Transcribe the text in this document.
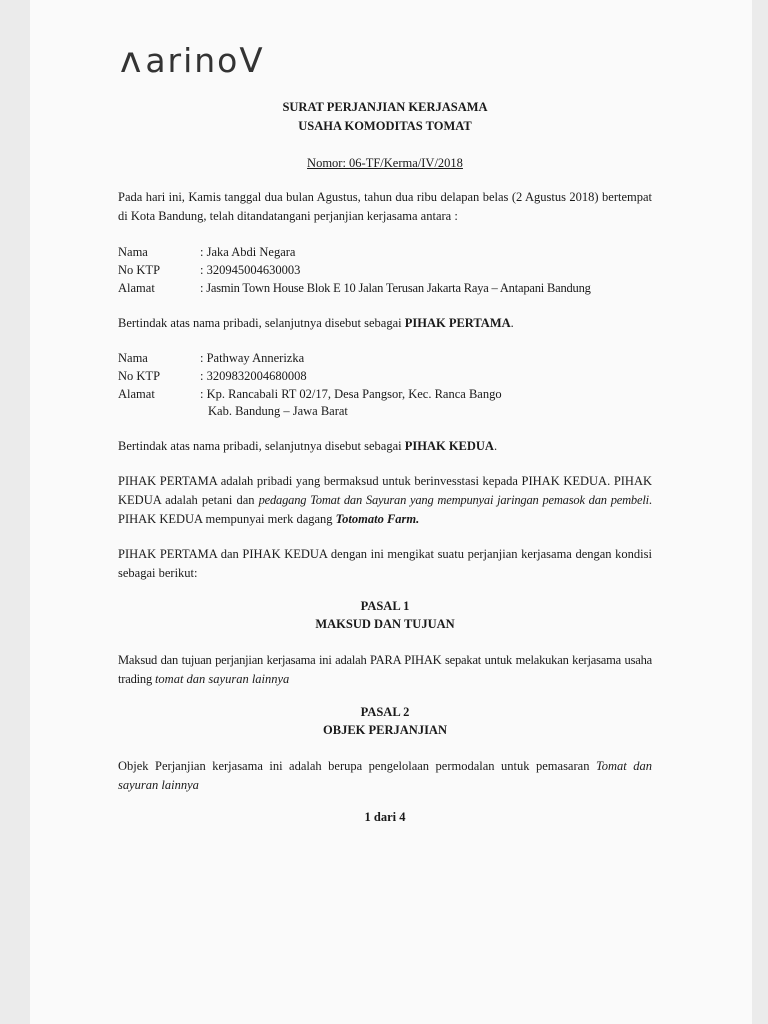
ʌ arino V
SURAT PERJANJIAN KERJASAMA
USAHA KOMODITAS TOMAT
Nomor: 06-TF/Kerma/IV/2018
Pada hari ini, Kamis tanggal dua bulan Agustus, tahun dua ribu delapan belas (2 Agustus 2018) bertempat di Kota Bandung, telah ditandatangani perjanjian kerjasama antara :
Nama	: Jaka Abdi Negara
No KTP	: 320945004630003
Alamat	: Jasmin Town House Blok E 10 Jalan Terusan Jakarta Raya – Antapani Bandung
Bertindak atas nama pribadi, selanjutnya disebut sebagai PIHAK PERTAMA.
Nama	: Pathway Annerizka
No KTP	: 3209832004680008
Alamat	: Kp. Rancabali RT 02/17, Desa Pangsor, Kec. Ranca Bango
Kab. Bandung – Jawa Barat
Bertindak atas nama pribadi, selanjutnya disebut sebagai PIHAK KEDUA.
PIHAK PERTAMA adalah pribadi yang bermaksud untuk berinvesstasi kepada PIHAK KEDUA. PIHAK KEDUA adalah petani dan pedagang Tomat dan Sayuran yang mempunyai jaringan pemasok dan pembeli. PIHAK KEDUA mempunyai merk dagang Totomato Farm.
PIHAK PERTAMA dan PIHAK KEDUA dengan ini mengikat suatu perjanjian kerjasama dengan kondisi sebagai berikut:
PASAL 1
MAKSUD DAN TUJUAN
Maksud dan tujuan perjanjian kerjasama ini adalah PARA PIHAK sepakat untuk melakukan kerjasama usaha trading tomat dan sayuran lainnya
PASAL 2
OBJEK PERJANJIAN
Objek Perjanjian kerjasama ini adalah berupa pengelolaan permodalan untuk pemasaran Tomat dan sayuran lainnya
1 dari 4
